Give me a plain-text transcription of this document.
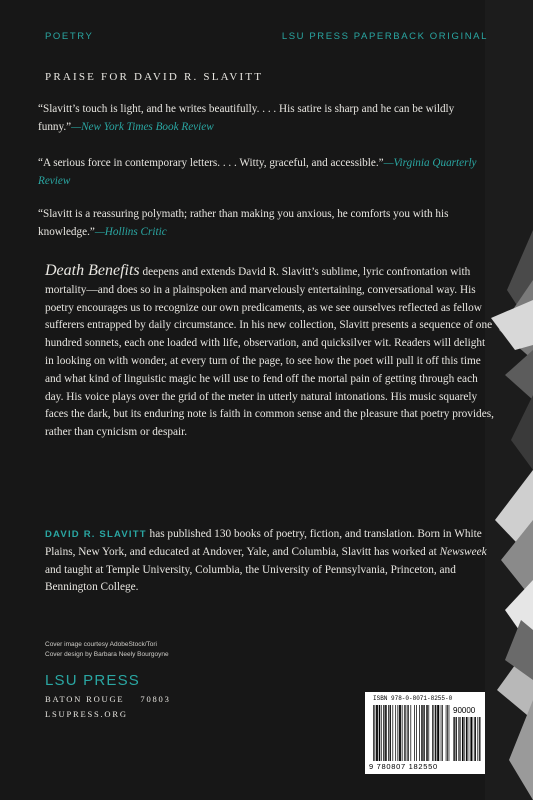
POETRY	LSU PRESS PAPERBACK ORIGINAL
PRAISE FOR DAVID R. SLAVITT
“Slavitt’s touch is light, and he writes beautifully. . . . His satire is sharp and he can be wildly funny.”—New York Times Book Review
“A serious force in contemporary letters. . . . Witty, graceful, and accessible.”—Virginia Quarterly Review
“Slavitt is a reassuring polymath; rather than making you anxious, he comforts you with his knowledge.”—Hollins Critic
Death Benefits deepens and extends David R. Slavitt’s sublime, lyric confrontation with mortality—and does so in a plainspoken and marvelously entertaining, conversational way. His poetry encourages us to recognize our own predicaments, as we see ourselves reflected as fellow sufferers entrapped by daily circumstance. In his new collection, Slavitt presents a sequence of one hundred sonnets, each one loaded with life, observation, and quicksilver wit. Readers will delight in looking on with wonder, at every turn of the page, to see how the poet will pull it off this time and what kind of linguistic magic he will use to fend off the mortal pain of getting through each day. His voice plays over the grid of the meter in utterly natural intonations. His music squarely faces the dark, but its enduring note is faith in common sense and the pleasure that poetry provides, rather than cynicism or despair.
DAVID R. SLAVITT has published 130 books of poetry, fiction, and translation. Born in White Plains, New York, and educated at Andover, Yale, and Columbia, Slavitt has worked at Newsweek and taught at Temple University, Columbia, the University of Pennsylvania, Princeton, and Bennington College.
Cover image courtesy AdobeStock/Tori
Cover design by Barbara Neely Bourgoyne
LSU PRESS
BATON ROUGE 70803
LSUPRESS.ORG
ISBN 978-0-8071-8255-0
90000
9 780807 182550
